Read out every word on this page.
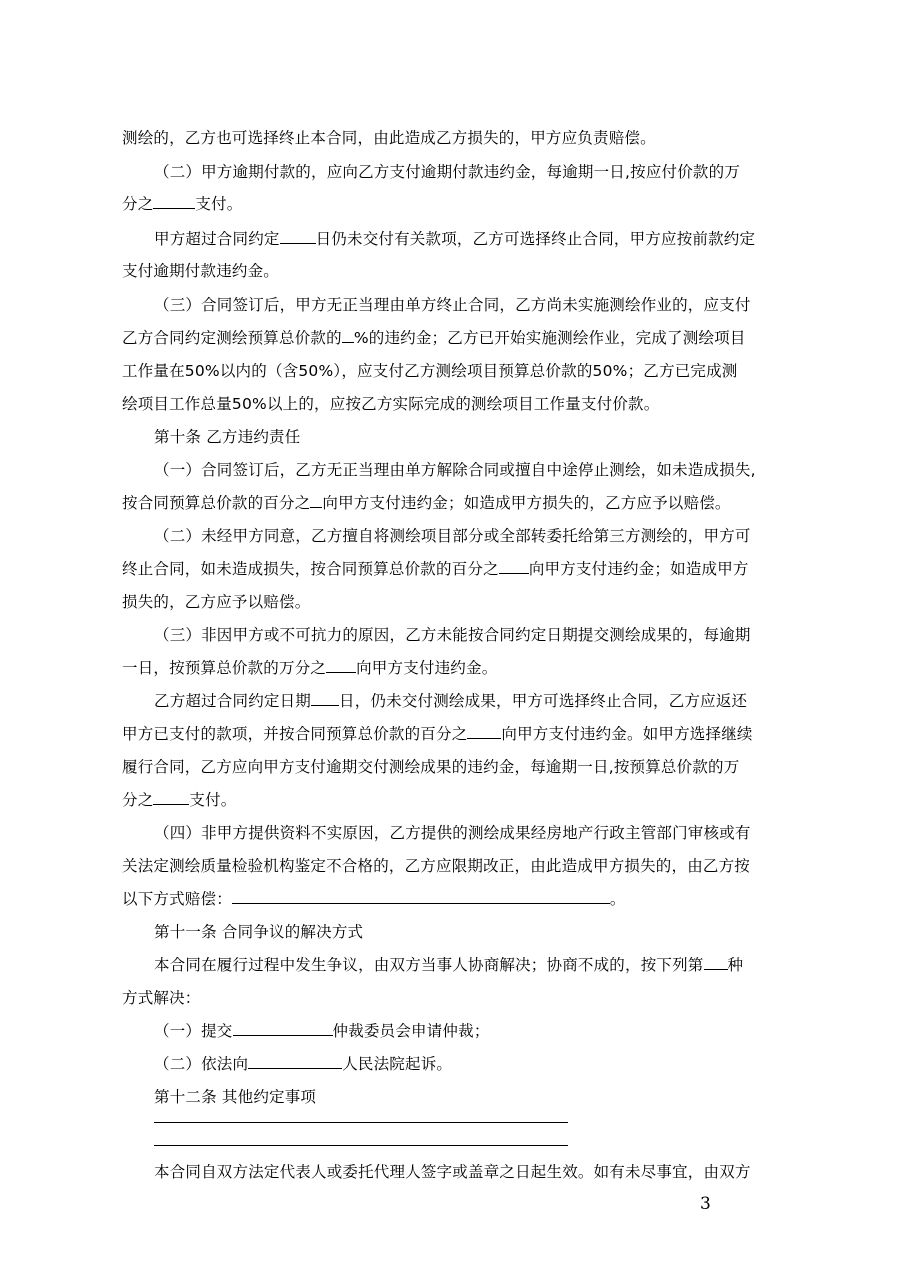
测绘的，乙方也可选择终止本合同，由此造成乙方损失的，甲方应负责赔偿。
（二）甲方逾期付款的，应向乙方支付逾期付款违约金，每逾期一日,按应付价款的万
分之	支付。
甲方超过合同约定 日仍未交付有关款项，乙方可选择终止合同，甲方应按前款约定
支付逾期付款违约金。
（三）合同签订后，甲方无正当理由单方终止合同，乙方尚未实施测绘作业的，应支付
乙方合同约定测绘预算总价款的 %的违约金；乙方已开始实施测绘作业，完成了测绘项目
工作量在50%以内的（含50%），应支付乙方测绘项目预算总价款的50%；乙方已完成测
绘项目工作总量50%以上的，应按乙方实际完成的测绘项目工作量支付价款。
第十条 乙方违约责任
（一）合同签订后，乙方无正当理由单方解除合同或擅自中途停止测绘，如未造成损失,
按合同预算总价款的百分之 向甲方支付违约金；如造成甲方损失的，乙方应予以赔偿。
（二）未经甲方同意，乙方擅自将测绘项目部分或全部转委托给第三方测绘的，甲方可
终止合同，如未造成损失，按合同预算总价款的百分之 向甲方支付违约金；如造成甲方
损失的，乙方应予以赔偿。
（三）非因甲方或不可抗力的原因，乙方未能按合同约定日期提交测绘成果的，每逾期
一日，按预算总价款的万分之 向甲方支付违约金。
乙方超过合同约定日期 日，仍未交付测绘成果，甲方可选择终止合同，乙方应返还
甲方已支付的款项，并按合同预算总价款的百分之 向甲方支付违约金。如甲方选择继续
履行合同，乙方应向甲方支付逾期交付测绘成果的违约金，每逾期一日,按预算总价款的万
分之 支付。
（四）非甲方提供资料不实原因，乙方提供的测绘成果经房地产行政主管部门审核或有
关法定测绘质量检验机构鉴定不合格的，乙方应限期改正，由此造成甲方损失的，由乙方按
以下方式赔偿：	。
第十一条 合同争议的解决方式
本合同在履行过程中发生争议，由双方当事人协商解决；协商不成的，按下列第 种
方式解决：
（一）提交	仲裁委员会申请仲裁；
（二）依法向	人民法院起诉。
第十二条 其他约定事项
本合同自双方法定代表人或委托代理人签字或盖章之日起生效。如有未尽事宜，由双方
3
